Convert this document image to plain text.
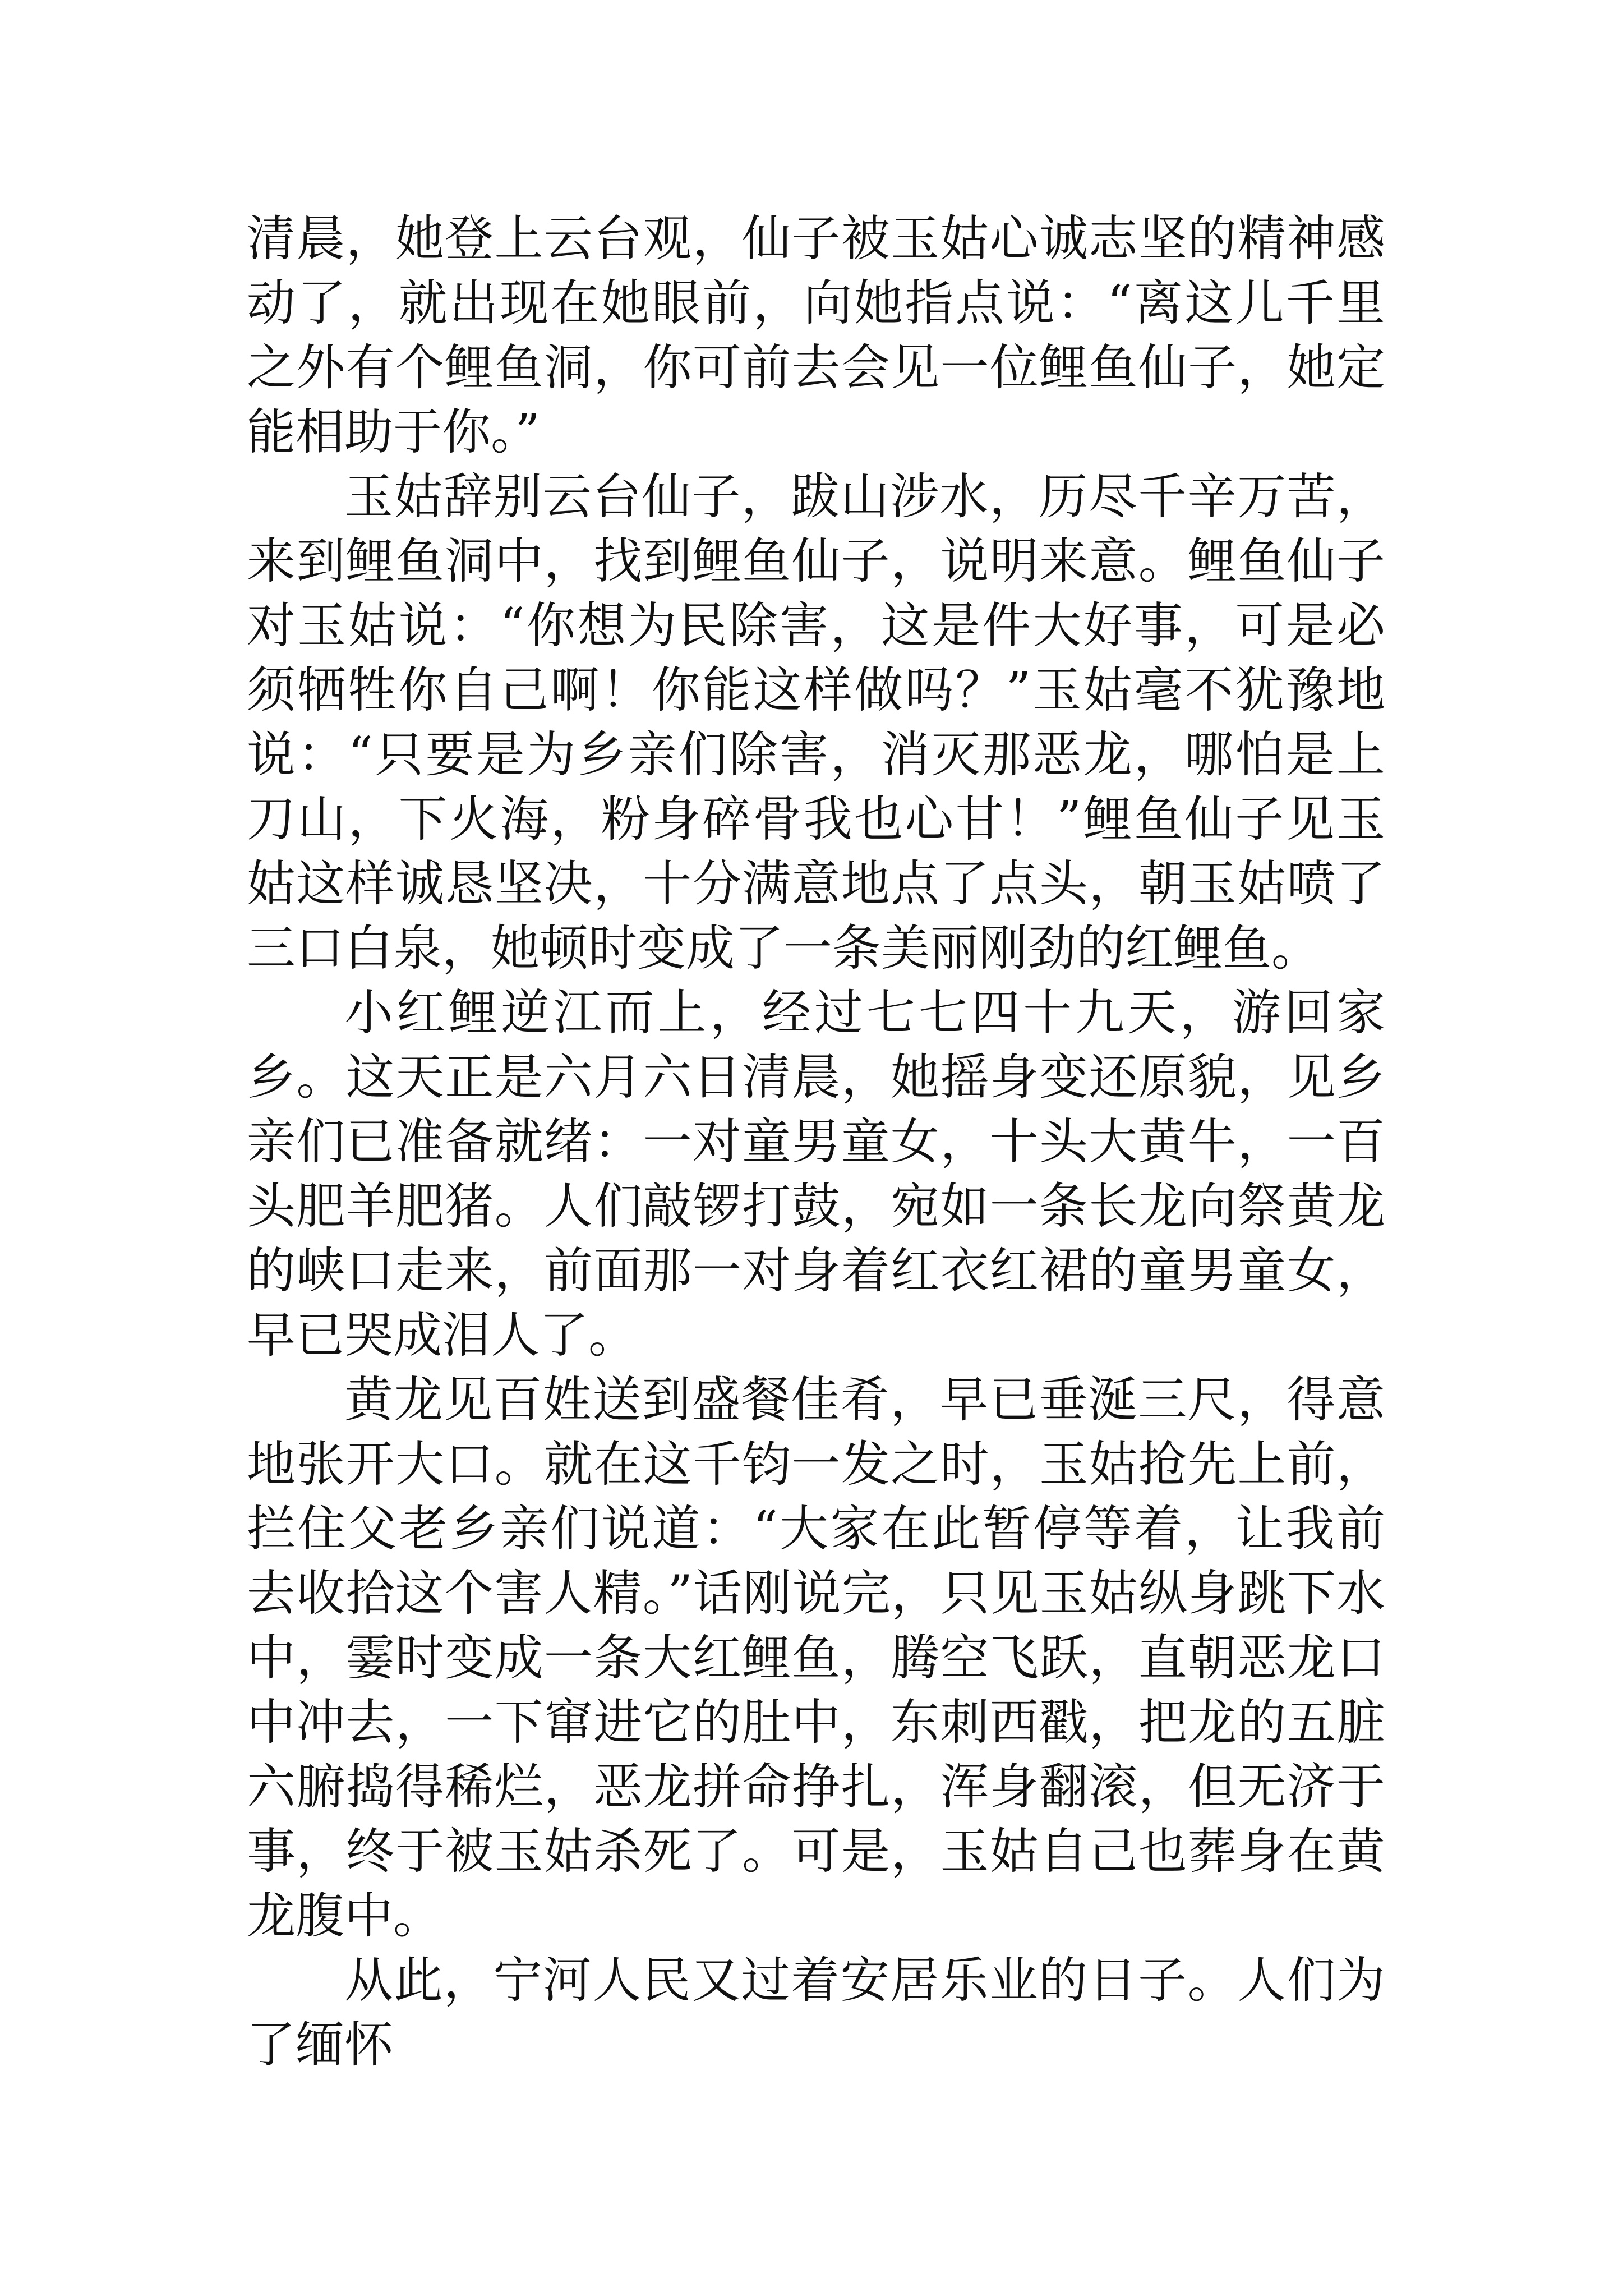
清晨，她登上云台观，仙子被玉姑心诚志坚的精神感动了，就出现在她眼前，向她指点说：“离这儿千里之外有个鲤鱼洞，你可前去会见一位鲤鱼仙子，她定能相助于你。”

玉姑辞别云台仙子，跋山涉水，历尽千辛万苦，来到鲤鱼洞中，找到鲤鱼仙子，说明来意。鲤鱼仙子对玉姑说：“你想为民除害，这是件大好事，可是必须牺牲你自己啊！你能这样做吗？”玉姑毫不犹豫地说：“只要是为乡亲们除害，消灭那恶龙，哪怕是上刀山，下火海，粉身碎骨我也心甘！”鲤鱼仙子见玉姑这样诚恳坚决，十分满意地点了点头，朝玉姑喷了三口白泉，她顿时变成了一条美丽刚劲的红鲤鱼。

小红鲤逆江而上，经过七七四十九天，游回家乡。这天正是六月六日清晨，她摇身变还原貌，见乡亲们已准备就绪：一对童男童女，十头大黄牛，一百头肥羊肥猪。人们敲锣打鼓，宛如一条长龙向祭黄龙的峡口走来，前面那一对身着红衣红裙的童男童女，早已哭成泪人了。

黄龙见百姓送到盛餐佳肴，早已垂涎三尺，得意地张开大口。就在这千钧一发之时，玉姑抢先上前，拦住父老乡亲们说道：“大家在此暂停等着，让我前去收拾这个害人精。”话刚说完，只见玉姑纵身跳下水中，霎时变成一条大红鲤鱼，腾空飞跃，直朝恶龙口中冲去，一下窜进它的肚中，东刺西戳，把龙的五脏六腑捣得稀烂，恶龙拼命挣扎，浑身翻滚，但无济于事，终于被玉姑杀死了。可是，玉姑自己也葬身在黄龙腹中。

从此，宁河人民又过着安居乐业的日子。人们为了缅怀
